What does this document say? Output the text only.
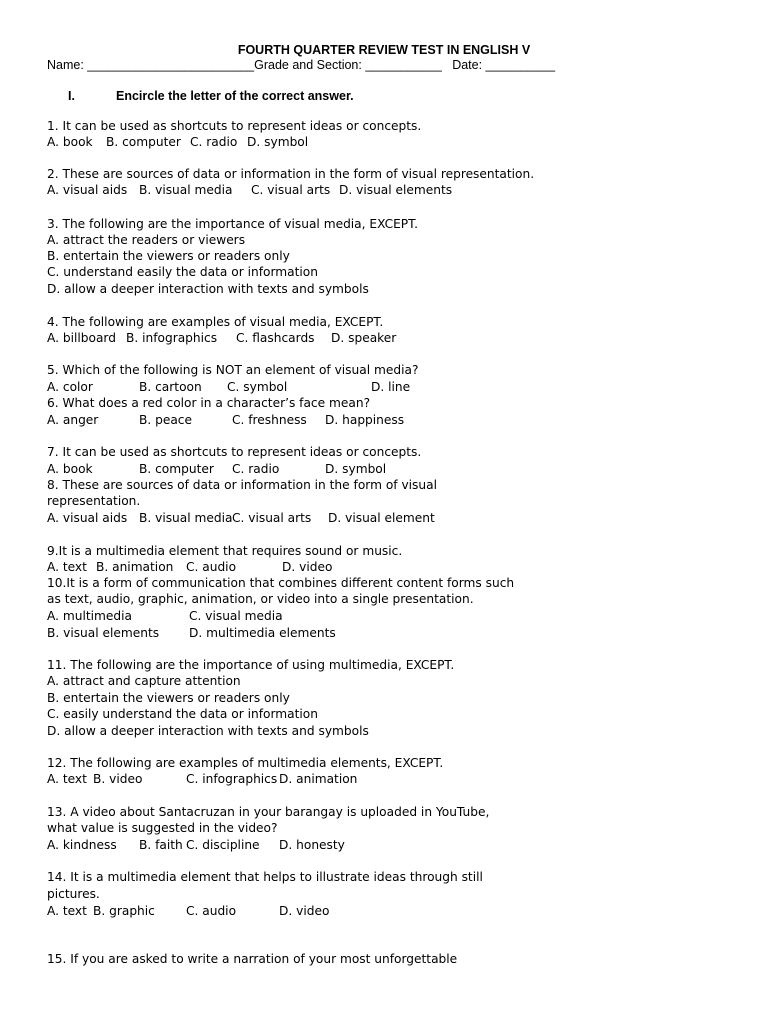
FOURTH QUARTER REVIEW TEST IN ENGLISH V
Name: ________________________Grade and Section: ___________   Date: __________
I.	Encircle the letter of the correct answer.
1. It can be used as shortcuts to represent ideas or concepts.
A. book B. computer C. radio D. symbol
2. These are sources of data or information in the form of visual representation.
A. visual aids B. visual media C. visual arts D. visual elements
3. The following are the importance of visual media, EXCEPT.
A. attract the readers or viewers
B. entertain the viewers or readers only
C. understand easily the data or information
D. allow a deeper interaction with texts and symbols
4. The following are examples of visual media, EXCEPT.
A. billboard B. infographics C. flashcards D. speaker
5. Which of the following is NOT an element of visual media?
A. color	B. cartoon C. symbol	D. line
6. What does a red color in a character’s face mean?
A. anger	B. peace	C. freshness D. happiness
7. It can be used as shortcuts to represent ideas or concepts.
A. book	B. computer C. radio	D. symbol
8. These are sources of data or information in the form of visual
representation.
A. visual aids B. visual media C. visual arts D. visual element
9.It is a multimedia element that requires sound or music.
A. text B. animation C. audio	D. video
10.It is a form of communication that combines different content forms such
as text, audio, graphic, animation, or video into a single presentation.
A. multimedia	C. visual media
B. visual elements D. multimedia elements
11. The following are the importance of using multimedia, EXCEPT.
A. attract and capture attention
B. entertain the viewers or readers only
C. easily understand the data or information
D. allow a deeper interaction with texts and symbols
12. The following are examples of multimedia elements, EXCEPT.
A. text B. video	C. infographics D. animation
13. A video about Santacruzan in your barangay is uploaded in YouTube,
what value is suggested in the video?
A. kindness B. faith C. discipline D. honesty
14. It is a multimedia element that helps to illustrate ideas through still
pictures.
A. text B. graphic	C. audio	D. video
15. If you are asked to write a narration of your most unforgettable
